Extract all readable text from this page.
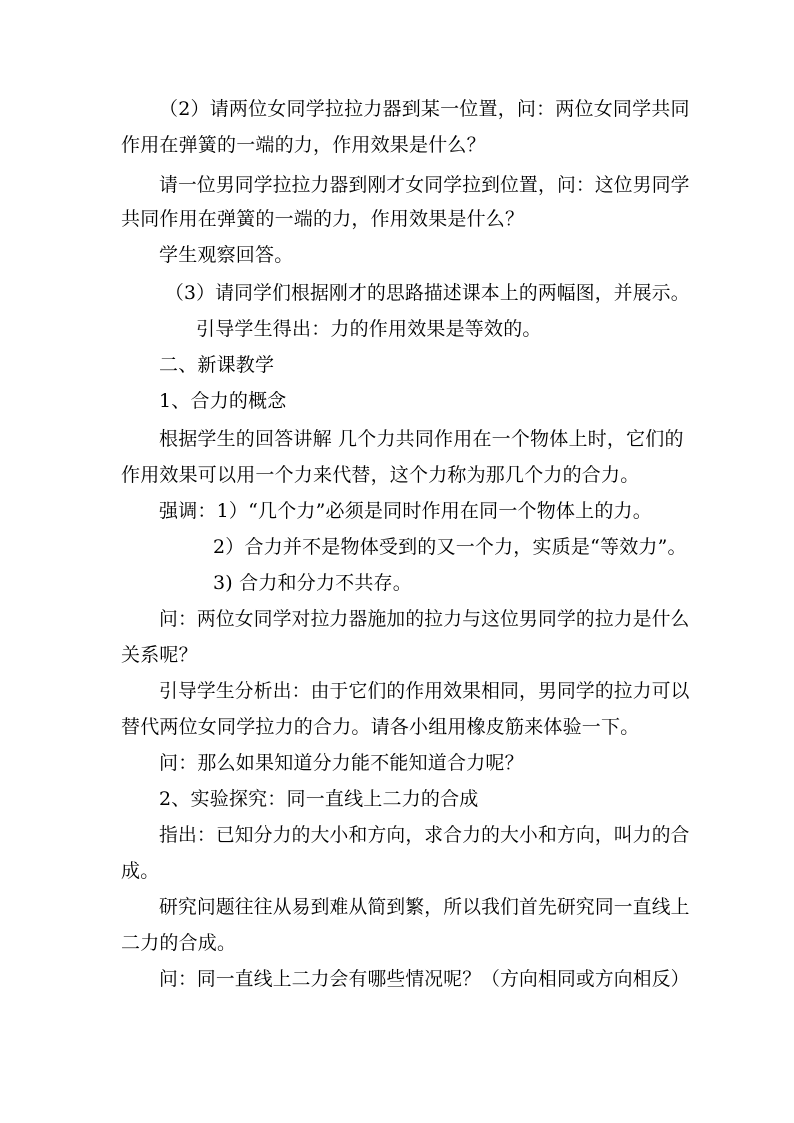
（2）请两位女同学拉拉力器到某一位置，问：两位女同学共同
作用在弹簧的一端的力，作用效果是什么？
请一位男同学拉拉力器到刚才女同学拉到位置，问：这位男同学
共同作用在弹簧的一端的力，作用效果是什么？
学生观察回答。
（3）请同学们根据刚才的思路描述课本上的两幅图，并展示。
引导学生得出：力的作用效果是等效的。
二、新课教学
1、合力的概念
根据学生的回答讲解 几个力共同作用在一个物体上时，它们的
作用效果可以用一个力来代替，这个力称为那几个力的合力。
强调：1）“几个力”必须是同时作用在同一个物体上的力。
2）合力并不是物体受到的又一个力，实质是“等效力”。
3) 合力和分力不共存。
问：两位女同学对拉力器施加的拉力与这位男同学的拉力是什么
关系呢？
引导学生分析出：由于它们的作用效果相同，男同学的拉力可以
替代两位女同学拉力的合力。请各小组用橡皮筋来体验一下。
问：那么如果知道分力能不能知道合力呢？
2、实验探究：同一直线上二力的合成
指出：已知分力的大小和方向，求合力的大小和方向，叫力的合
成。
研究问题往往从易到难从简到繁，所以我们首先研究同一直线上
二力的合成。
问：同一直线上二力会有哪些情况呢？（方向相同或方向相反）
